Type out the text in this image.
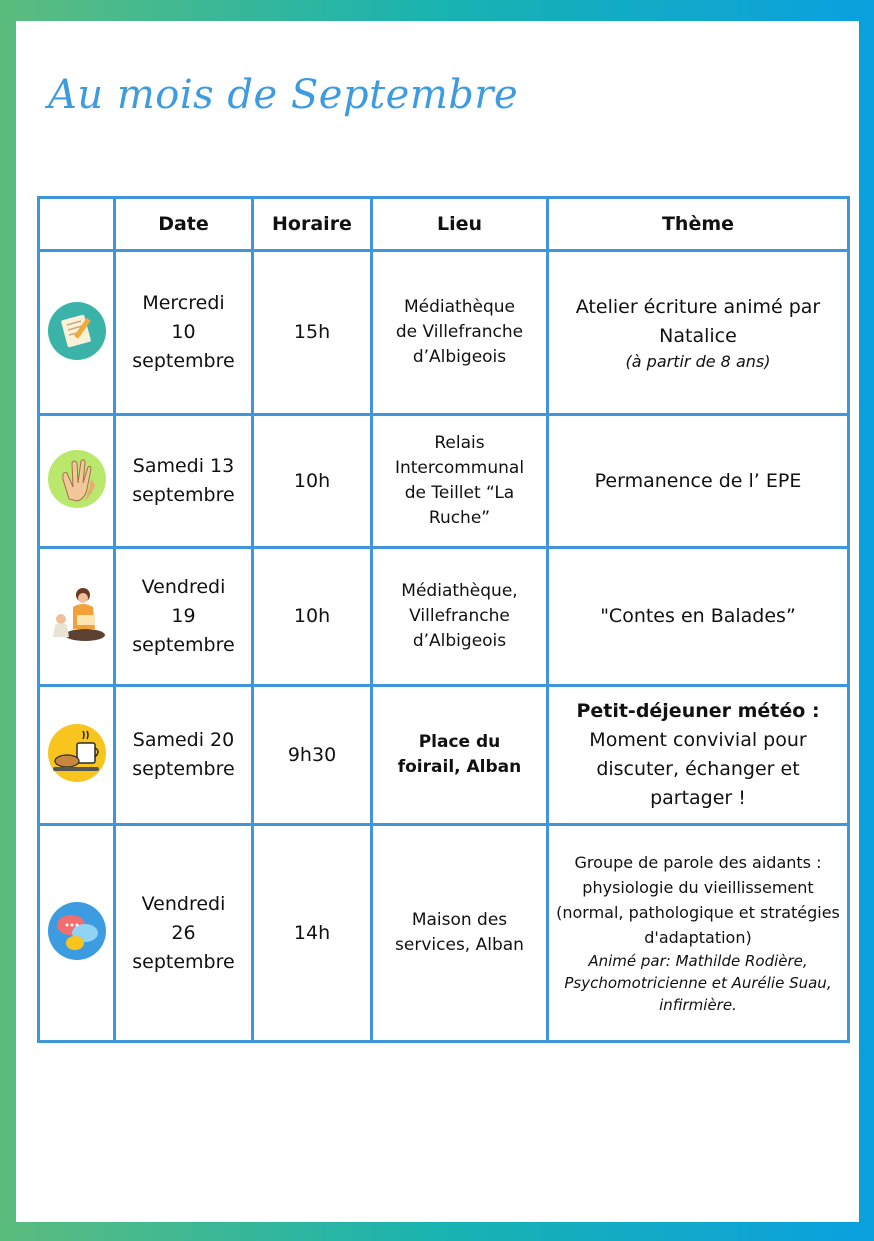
Au mois de Septembre
	Date	Horaire	Lieu	Thème
	Mercredi
10
septembre	15h	Médiathèque
de Villefranche
d’Albigeois	Atelier écriture animé par Natalice
(à partir de 8 ans)

	Samedi 13
septembre	10h	Relais
Intercommunal
de Teillet “La
Ruche”	Permanence de l’ EPE

	Vendredi
19
septembre	10h	Médiathèque,
Villefranche
d’Albigeois	"Contes en Balades”

	Samedi 20
septembre	9h30	Place du
foirail, Alban	Petit-déjeuner météo :
Moment convivial pour discuter, échanger et partager !

	Vendredi
26
septembre	14h	Maison des
services, Alban	Groupe de parole des aidants : physiologie du vieillissement (normal, pathologique et stratégies d'adaptation)
Animé par: Mathilde Rodière, Psychomotricienne et Aurélie Suau, infirmière.
